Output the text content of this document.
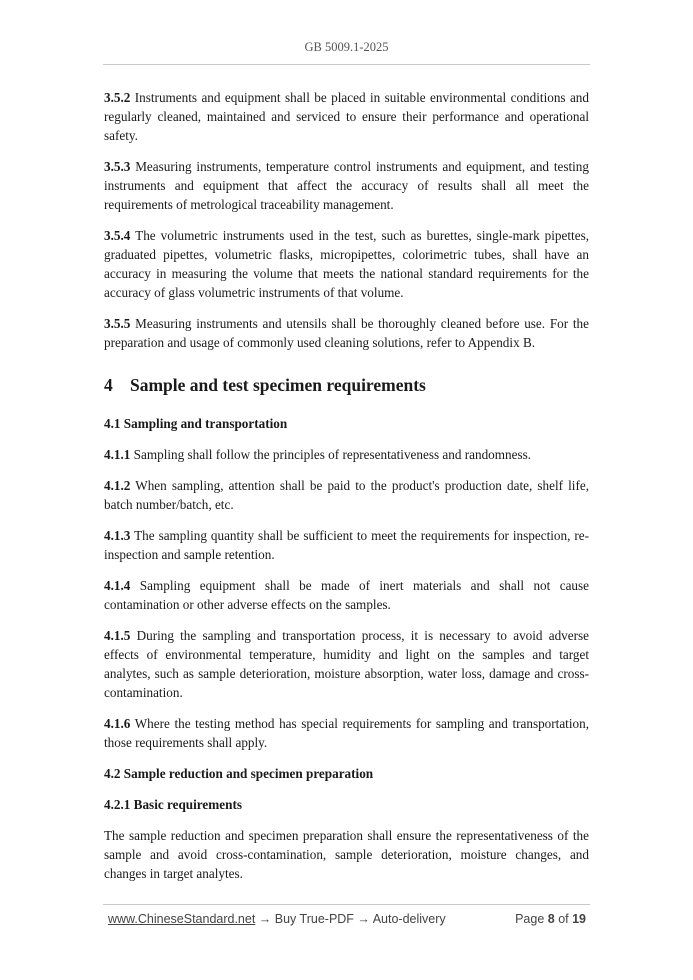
GB 5009.1-2025

3.5.2 Instruments and equipment shall be placed in suitable environmental conditions and regularly cleaned, maintained and serviced to ensure their performance and operational safety.

3.5.3 Measuring instruments, temperature control instruments and equipment, and testing instruments and equipment that affect the accuracy of results shall all meet the requirements of metrological traceability management.

3.5.4 The volumetric instruments used in the test, such as burettes, single-mark pipettes, graduated pipettes, volumetric flasks, micropipettes, colorimetric tubes, shall have an accuracy in measuring the volume that meets the national standard requirements for the accuracy of glass volumetric instruments of that volume.

3.5.5 Measuring instruments and utensils shall be thoroughly cleaned before use. For the preparation and usage of commonly used cleaning solutions, refer to Appendix B.

4 Sample and test specimen requirements
4.1 Sampling and transportation

4.1.1 Sampling shall follow the principles of representativeness and randomness.

4.1.2 When sampling, attention shall be paid to the product's production date, shelf life, batch number/batch, etc.

4.1.3 The sampling quantity shall be sufficient to meet the requirements for inspection, re-inspection and sample retention.

4.1.4 Sampling equipment shall be made of inert materials and shall not cause contamination or other adverse effects on the samples.

4.1.5 During the sampling and transportation process, it is necessary to avoid adverse effects of environmental temperature, humidity and light on the samples and target analytes, such as sample deterioration, moisture absorption, water loss, damage and cross-contamination.

4.1.6 Where the testing method has special requirements for sampling and transportation, those requirements shall apply.

4.2 Sample reduction and specimen preparation
4.2.1 Basic requirements

The sample reduction and specimen preparation shall ensure the representativeness of the sample and avoid cross-contamination, sample deterioration, moisture changes, and changes in target analytes.

www.ChineseStandard.net → Buy True-PDF → Auto-delivery	Page 8 of 19
